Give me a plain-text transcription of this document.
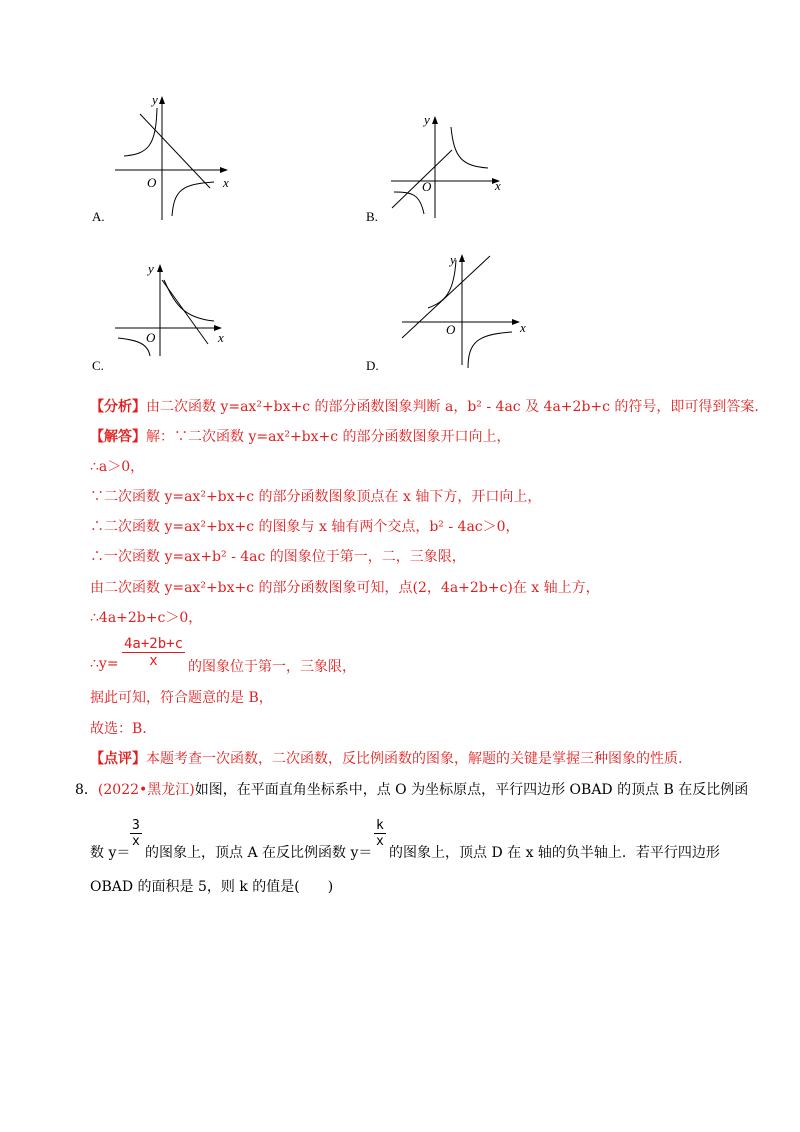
y
x
O
A.
y
x
O
B.
y
x
O
C.
y
x
O
D.
【分析】由二次函数 y=ax²+bx+c 的部分函数图象判断 a，b² - 4ac 及 4a+2b+c 的符号，即可得到答案.
【解答】解：∵二次函数 y=ax²+bx+c 的部分函数图象开口向上，
∴a＞0，
∵二次函数 y=ax²+bx+c 的部分函数图象顶点在 x 轴下方，开口向上，
∴二次函数 y=ax²+bx+c 的图象与 x 轴有两个交点，b² - 4ac＞0，
∴一次函数 y=ax+b² - 4ac 的图象位于第一，二，三象限，
由二次函数 y=ax²+bx+c 的部分函数图象可知，点(2，4a+2b+c)在 x 轴上方，
∴4a+2b+c＞0，
∴y= $\frac{4a+2b+c}{x}$ 的图象位于第一，三象限，
据此可知，符合题意的是 B，
故选：B.
【点评】本题考查一次函数，二次函数，反比例函数的图象，解题的关键是掌握三种图象的性质.
8．(2022•黑龙江)如图，在平面直角坐标系中，点 O 为坐标原点，平行四边形 OBAD 的顶点 B 在反比例函
数 y＝
$\frac{3}{x}$
的图象上，顶点 A 在反比例函数 y＝
$\frac{k}{x}$
的图象上，顶点 D 在 x 轴的负半轴上．若平行四边形
OBAD 的面积是 5，则 k 的值是(　　)
